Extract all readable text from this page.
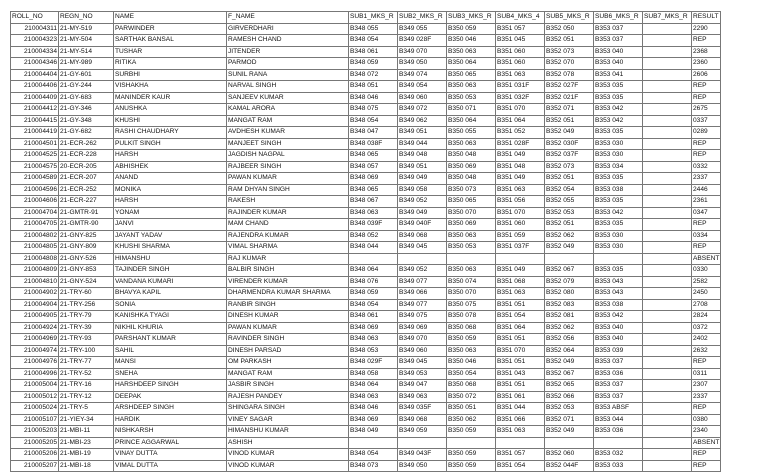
ROLL_NO	REGN_NO	NAME	F_NAME	SUB1_MKS_R	SUB2_MKS_R	SUB3_MKS_R	SUB4_MKS_4	SUB5_MKS_R	SUB6_MKS_R	SUB7_MKS_R	RESULT
210004311	21-MY-519	PARWINDER	GIRVERDHARI	B348 055	B349 055	B350 059	B351 057	B352 050	B353 037		2290
210004323	21-MY-504	SARTHAK BANSAL	RAMESH CHAND	B348 054	B349 028F	B350 046	B351 045	B352 051	B353 037		REP
210004334	21-MY-514	TUSHAR	JITENDER	B348 061	B349 070	B350 063	B351 060	B352 073	B353 040		2368
210004346	21-MY-989	RITIKA	PARMOD	B348 059	B349 050	B350 064	B351 060	B352 070	B353 040		2360
210004404	21-GY-601	SURBHI	SUNIL RANA	B348 072	B349 074	B350 065	B351 063	B352 078	B353 041		2606
210004406	21-GY-244	VISHAKHA	NARVAL SINGH	B348 051	B349 054	B350 063	B351 031F	B352 027F	B353 035		REP
210004409	21-GY-683	MANINDER KAUR	SANJEEV KUMAR	B348 046	B349 060	B350 053	B351 032F	B352 021F	B353 035		REP
210004412	21-GY-346	ANUSHKA	KAMAL ARORA	B348 075	B349 072	B350 071	B351 070	B352 071	B353 042		2675
210004415	21-GY-348	KHUSHI	MANGAT RAM	B348 054	B349 062	B350 064	B351 064	B352 051	B353 042		0337
210004419	21-GY-682	RASHI CHAUDHARY	AVDHESH KUMAR	B348 047	B349 051	B350 055	B351 052	B352 049	B353 035		0289
210004501	21-ECR-262	PULKIT SINGH	MANJEET SINGH	B348 038F	B349 044	B350 063	B351 028F	B352 030F	B353 030		REP
210004525	21-ECR-228	HARSH	JAGDISH NAGPAL	B348 065	B349 048	B350 048	B351 049	B352 037F	B353 030		REP
210004575	20-ECR-205	ABHISHEK	RAJBEER SINGH	B348 057	B349 051	B350 069	B351 048	B352 073	B353 034		0332
210004589	21-ECR-207	ANAND	PAWAN KUMAR	B348 069	B349 049	B350 048	B351 049	B352 051	B353 035		2337
210004596	21-ECR-252	MONIKA	RAM DHYAN SINGH	B348 065	B349 058	B350 073	B351 063	B352 054	B353 038		2446
210004606	21-ECR-227	HARSH	RAKESH	B348 067	B349 052	B350 065	B351 056	B352 055	B353 035		2361
210004704	21-GMTR-91	YONAM	RAJINDER KUMAR	B348 063	B349 049	B350 070	B351 070	B352 053	B353 042		0347
210004705	21-GMTR-90	JANVI	MAM CHAND	B348 039F	B349 040F	B350 069	B351 060	B352 051	B353 035		REP
210004802	21-GNY-825	JAYANT YADAV	RAJENDRA KUMAR	B348 052	B349 068	B350 063	B351 059	B352 062	B353 030		0334
210004805	21-GNY-809	KHUSHI SHARMA	VIMAL SHARMA	B348 044	B349 045	B350 053	B351 037F	B352 049	B353 030		REP
210004808	21-GNY-526	HIMANSHU	RAJ KUMAR								ABSENT
210004809	21-GNY-853	TAJINDER SINGH	BALBIR SINGH	B348 064	B349 052	B350 063	B351 049	B352 067	B353 035		0330
210004810	21-GNY-524	VANDANA KUMARI	VIRENDER KUMAR	B348 076	B349 077	B350 074	B351 068	B352 079	B353 043		2582
210004902	21-TRY-60	BHAVYA KAPIL	DHARMENDRA KUMAR SHARMA	B348 059	B349 066	B350 070	B351 063	B352 080	B353 043		2450
210004904	21-TRY-256	SONIA	RANBIR SINGH	B348 054	B349 077	B350 075	B351 051	B352 083	B353 038		2708
210004905	21-TRY-79	KANISHKA TYAGI	DINESH KUMAR	B348 061	B349 075	B350 078	B351 054	B352 081	B353 042		2824
210004924	21-TRY-39	NIKHIL KHURIA	PAWAN KUMAR	B348 069	B349 069	B350 068	B351 064	B352 062	B353 040		0372
210004969	21-TRY-93	PARSHANT KUMAR	RAVINDER SINGH	B348 063	B349 070	B350 059	B351 051	B352 056	B353 040		2402
210004974	21-TRY-100	SAHIL	DINESH PARSAD	B348 053	B349 060	B350 063	B351 070	B352 064	B353 039		2632
210004976	21-TRY-77	MANSI	OM PARKASH	B348 029F	B349 045	B350 046	B351 051	B352 049	B353 037		REP
210004996	21-TRY-52	SNEHA	MANGAT RAM	B348 058	B349 053	B350 054	B351 043	B352 067	B353 036		0311
210005004	21-TRY-16	HARSHDEEP SINGH	JASBIR SINGH	B348 064	B349 047	B350 068	B351 051	B352 065	B353 037		2307
210005012	21-TRY-12	DEEPAK	RAJESH PANDEY	B348 063	B349 063	B350 072	B351 061	B352 066	B353 037		2337
210005024	21-TRY-5	ARSHDEEP SINGH	SHINGARA SINGH	B348 046	B349 035F	B350 051	B351 044	B352 053	B353 ABSF		REP
210005107	21-YIEY-34	HARDIK	VINEY SAGAR	B348 069	B349 068	B350 062	B351 066	B352 071	B353 044		0380
210005203	21-MBI-11	NISHKARSH	HIMANSHU KUMAR	B348 049	B349 059	B350 059	B351 063	B352 049	B353 036		2340
210005205	21-MBI-23	PRINCE AGGARWAL	ASHISH								ABSENT
210005206	21-MBI-19	VINAY DUTTA	VINOD KUMAR	B348 054	B349 043F	B350 059	B351 057	B352 060	B353 032		REP
210005207	21-MBI-18	VIMAL DUTTA	VINOD KUMAR	B348 073	B349 050	B350 059	B351 054	B352 044F	B353 033		REP
